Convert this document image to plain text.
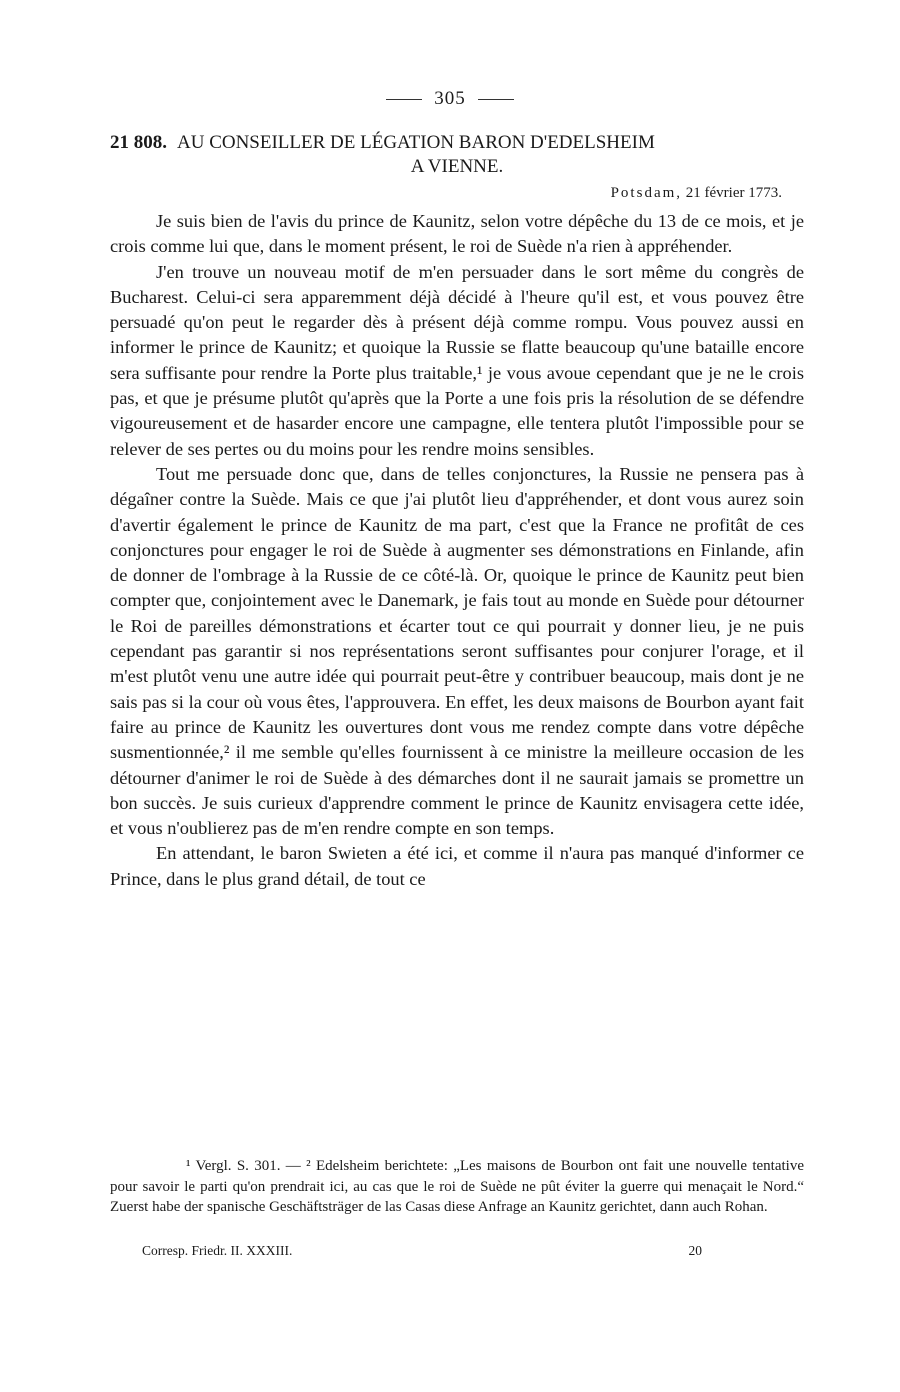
305
21 808. AU CONSEILLER DE LÉGATION BARON D'EDELSHEIM
A VIENNE.
Potsdam, 21 février 1773.

Je suis bien de l'avis du prince de Kaunitz, selon votre dépêche du 13 de ce mois, et je crois comme lui que, dans le moment présent, le roi de Suède n'a rien à appréhender.

J'en trouve un nouveau motif de m'en persuader dans le sort même du congrès de Bucharest. Celui-ci sera apparemment déjà décidé à l'heure qu'il est, et vous pouvez être persuadé qu'on peut le regarder dès à présent déjà comme rompu. Vous pouvez aussi en informer le prince de Kaunitz; et quoique la Russie se flatte beaucoup qu'une bataille encore sera suffisante pour rendre la Porte plus traitable,¹ je vous avoue cependant que je ne le crois pas, et que je présume plutôt qu'après que la Porte a une fois pris la résolution de se défendre vigoureusement et de hasarder encore une campagne, elle tentera plutôt l'impossible pour se relever de ses pertes ou du moins pour les rendre moins sensibles.

Tout me persuade donc que, dans de telles conjonctures, la Russie ne pensera pas à dégaîner contre la Suède. Mais ce que j'ai plutôt lieu d'appréhender, et dont vous aurez soin d'avertir également le prince de Kaunitz de ma part, c'est que la France ne profitât de ces conjonctures pour engager le roi de Suède à augmenter ses démonstrations en Finlande, afin de donner de l'ombrage à la Russie de ce côté-là. Or, quoique le prince de Kaunitz peut bien compter que, conjointement avec le Danemark, je fais tout au monde en Suède pour détourner le Roi de pareilles démonstrations et écarter tout ce qui pourrait y donner lieu, je ne puis cependant pas garantir si nos représentations seront suffisantes pour conjurer l'orage, et il m'est plutôt venu une autre idée qui pourrait peut-être y contribuer beaucoup, mais dont je ne sais pas si la cour où vous êtes, l'approuvera. En effet, les deux maisons de Bourbon ayant fait faire au prince de Kaunitz les ouvertures dont vous me rendez compte dans votre dépêche susmentionnée,² il me semble qu'elles fournissent à ce ministre la meilleure occasion de les détourner d'animer le roi de Suède à des démarches dont il ne saurait jamais se promettre un bon succès. Je suis curieux d'apprendre comment le prince de Kaunitz envisagera cette idée, et vous n'oublierez pas de m'en rendre compte en son temps.

En attendant, le baron Swieten a été ici, et comme il n'aura pas manqué d'informer ce Prince, dans le plus grand détail, de tout ce

¹ Vergl. S. 301. — ² Edelsheim berichtete: „Les maisons de Bourbon ont fait une nouvelle tentative pour savoir le parti qu'on prendrait ici, au cas que le roi de Suède ne pût éviter la guerre qui menaçait le Nord.“ Zuerst habe der spanische Geschäftsträger de las Casas diese Anfrage an Kaunitz gerichtet, dann auch Rohan.

Corresp. Friedr. II. XXXIII.	20
